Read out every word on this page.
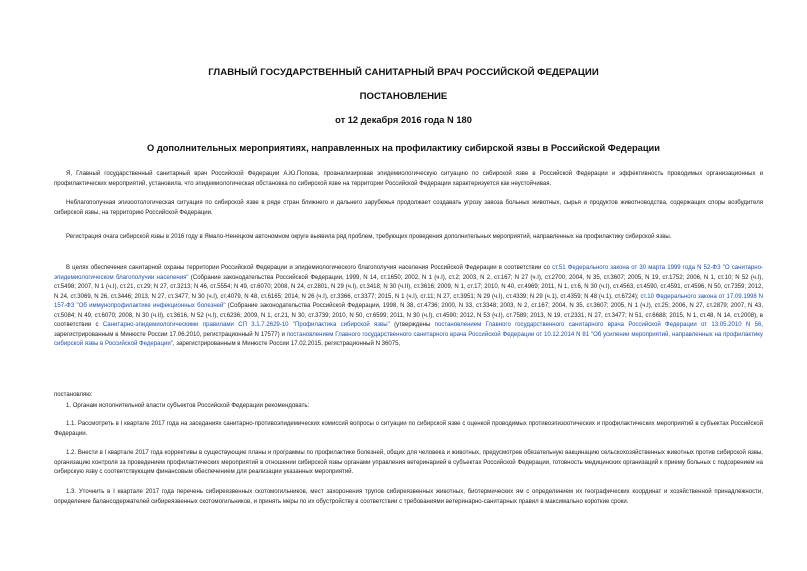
ГЛАВНЫЙ ГОСУДАРСТВЕННЫЙ САНИТАРНЫЙ ВРАЧ РОССИЙСКОЙ ФЕДЕРАЦИИ
ПОСТАНОВЛЕНИЕ
от 12 декабря 2016 года N 180
О дополнительных мероприятиях, направленных на профилактику сибирской язвы в Российской Федерации

Я, Главный государственный санитарный врач Российской Федерации А.Ю.Попова, проанализировав эпидемиологическую ситуацию по сибирской язве в Российской Федерации и эффективность проводимых организационных и профилактических мероприятий, установила, что эпидемиологическая обстановка по сибирской язве на территории Российской Федерации характеризуется как неустойчивая.

Неблагополучная эпизоотологическая ситуация по сибирской язве в ряде стран ближнего и дальнего зарубежья продолжает создавать угрозу завоза больных животных, сырья и продуктов животноводства, содержащих споры возбудителя сибирской язвы, на территорию Российской Федерации.

Регистрация очага сибирской язвы в 2016 году в Ямало-Ненецком автономном округе выявила ряд проблем, требующих проведения дополнительных мероприятий, направленных на профилактику сибирской язвы.

В целях обеспечения санитарной охраны территории Российской Федерации и эпидемиологического благополучия населения Российской Федерации в соответствии со ст.51 Федерального закона от 30 марта 1999 года N 52-ФЗ "О санитарно-эпидемиологическом благополучии населения" (Собрание законодательства Российской Федерации, 1999, N 14, ст.1650; 2002, N 1 (ч.I), ст.2; 2003, N 2, ст.167; N 27 (ч.I), ст.2700; 2004, N 35, ст.3607; 2005, N 19, ст.1752; 2006, N 1, ст.10; N 52 (ч.I), ст.5498; 2007, N 1 (ч.I), ст.21, ст.29; N 27, ст.3213; N 46, ст.5554; N 49, ст.6070; 2008, N 24, ст.2801, N 29 (ч.I), ст.3418; N 30 (ч.II), ст.3616; 2009, N 1, ст.17; 2010, N 40, ст.4969; 2011, N 1, ст.6, N 30 (ч.I), ст.4563, ст.4590, ст.4591, ст.4596, N 50, ст.7359; 2012, N 24, ст.3069, N 26, ст.3446; 2013, N 27, ст.3477, N 30 (ч.I), ст.4079, N 48, ст.6165; 2014, N 26 (ч.I), ст.3366, ст.3377; 2015, N 1 (ч.I), ст.11; N 27, ст.3951; N 29 (ч.I), ст.4339; N 29 (ч.1), ст.4359; N 48 (ч.1), ст.6724); ст.10 Федерального закона от 17.09.1998 N 157-ФЗ "Об иммунопрофилактике инфекционных болезней" (Собрание законодательства Российской Федерации, 1998, N 38, ст.4736; 2000, N 33, ст.3348; 2003, N 2, ст.167; 2004, N 35, ст.3607; 2005, N 1 (ч.I), ст.25; 2006, N 27, ст.2879; 2007, N 43, ст.5084; N 49, ст.6070; 2008, N 30 (ч.II), ст.3616, N 52 (ч.I), ст.6236; 2009, N 1, ст.21, N 30, ст.3739; 2010, N 50, ст.6599; 2011, N 30 (ч.I), ст.4590; 2012, N 53 (ч.I), ст.7589; 2013, N 19, ст.2331, N 27, ст.3477; N 51, ст.6688; 2015, N 1, ст.48, N 14, ст.2008), в соответствии с Санитарно-эпидемиологическими правилами СП 3.1.7.2629-10 "Профилактика сибирской язвы" (утверждены постановлением Главного государственного санитарного врача Российской Федерации от 13.05.2010 N 56, зарегистрированным в Минюсте России 17.06.2010, регистрационный N 17577) и постановлением Главного государственного санитарного врача Российской Федерации от 10.12.2014 N 81 "Об усилении мероприятий, направленных на профилактику сибирской язвы в Российской Федерации", зарегистрированным в Минюсте России 17.02.2015, регистрационный N 36075,

постановляю:

1. Органам исполнительной власти субъектов Российской Федерации рекомендовать:

1.1. Рассмотреть в I квартале 2017 года на заседаниях санитарно-противоэпидемических комиссий вопросы о ситуации по сибирской язве с оценкой проводимых противоэпизоотических и профилактических мероприятий в субъектах Российской Федерации.

1.2. Внести в I квартале 2017 года коррективы в существующие планы и программы по профилактике болезней, общих для человека и животных, предусмотрев обязательную вакцинацию сельскохозяйственных животных против сибирской язвы, организацию контроля за проведением профилактических мероприятий в отношении сибирской язвы органами управления ветеринарией в субъектах Российской Федерации, готовность медицинских организаций к приему больных с подозрением на сибирскую язву с соответствующим финансовым обеспечением для реализации указанных мероприятий.

1.3. Уточнить в I квартале 2017 года перечень сибиреязвенных скотомогильников, мест захоронения трупов сибиреязвенных животных, биотермических ям с определением их географических координат и хозяйственной принадлежности, определение балансодержателей сибиреязвенных скотомогильников, и принять меры по их обустройству в соответствии с требованиями ветеринарно-санитарных правил в максимально короткие сроки.
